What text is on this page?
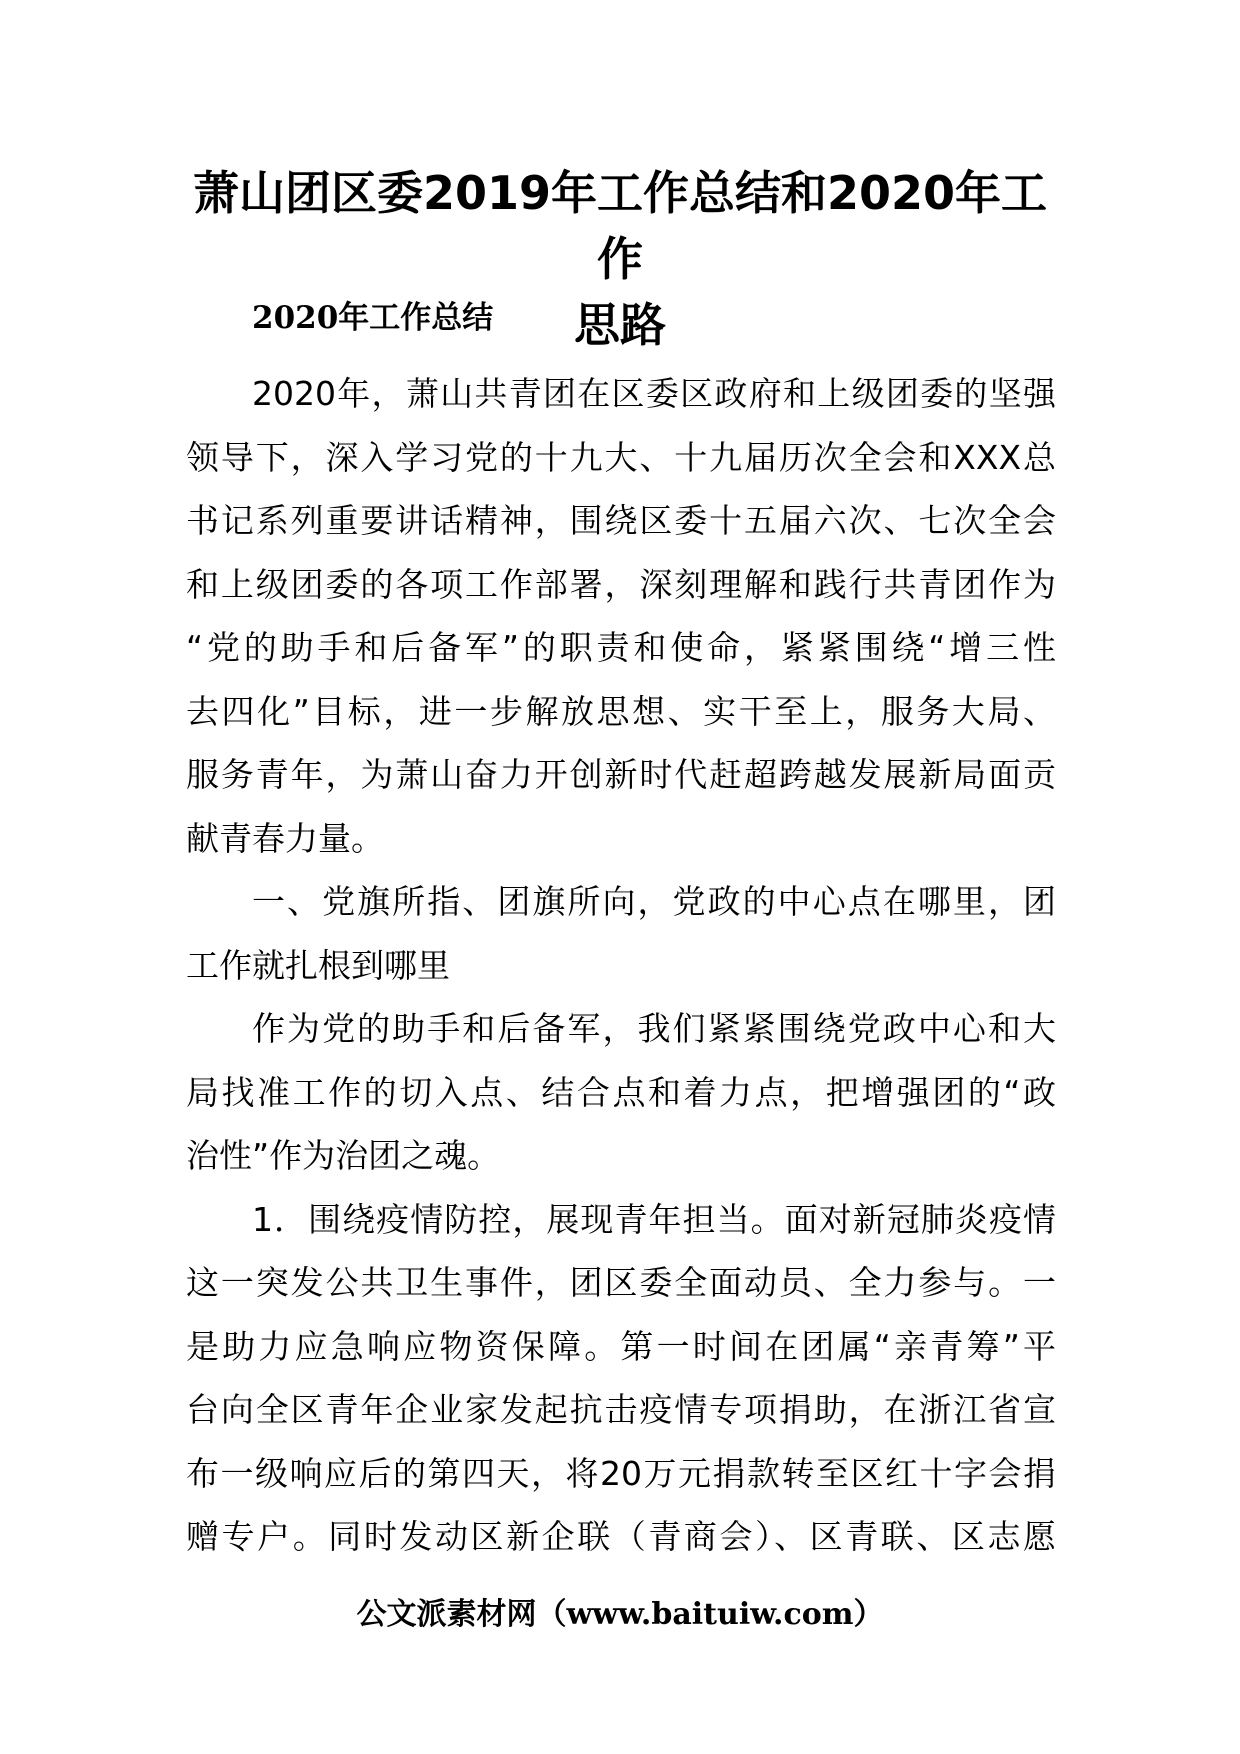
萧山团区委2019年工作总结和2020年工作
思路
2020年工作总结
2020年，萧山共青团在区委区政府和上级团委的坚强
领导下，深入学习党的十九大、十九届历次全会和XXX总
书记系列重要讲话精神，围绕区委十五届六次、七次全会
和上级团委的各项工作部署，深刻理解和践行共青团作为
“党的助手和后备军”的职责和使命，紧紧围绕“增三性
去四化”目标，进一步解放思想、实干至上，服务大局、
服务青年，为萧山奋力开创新时代赶超跨越发展新局面贡
献青春力量。
一、党旗所指、团旗所向，党政的中心点在哪里，团
工作就扎根到哪里
作为党的助手和后备军，我们紧紧围绕党政中心和大
局找准工作的切入点、结合点和着力点，把增强团的“政
治性”作为治团之魂。
1．围绕疫情防控，展现青年担当。面对新冠肺炎疫情
这一突发公共卫生事件，团区委全面动员、全力参与。一
是助力应急响应物资保障。第一时间在团属“亲青筹”平
台向全区青年企业家发起抗击疫情专项捐助，在浙江省宣
布一级响应后的第四天，将20万元捐款转至区红十字会捐
赠专户。同时发动区新企联（青商会）、区青联、区志愿
公文派素材网（www.baituiw.com）
